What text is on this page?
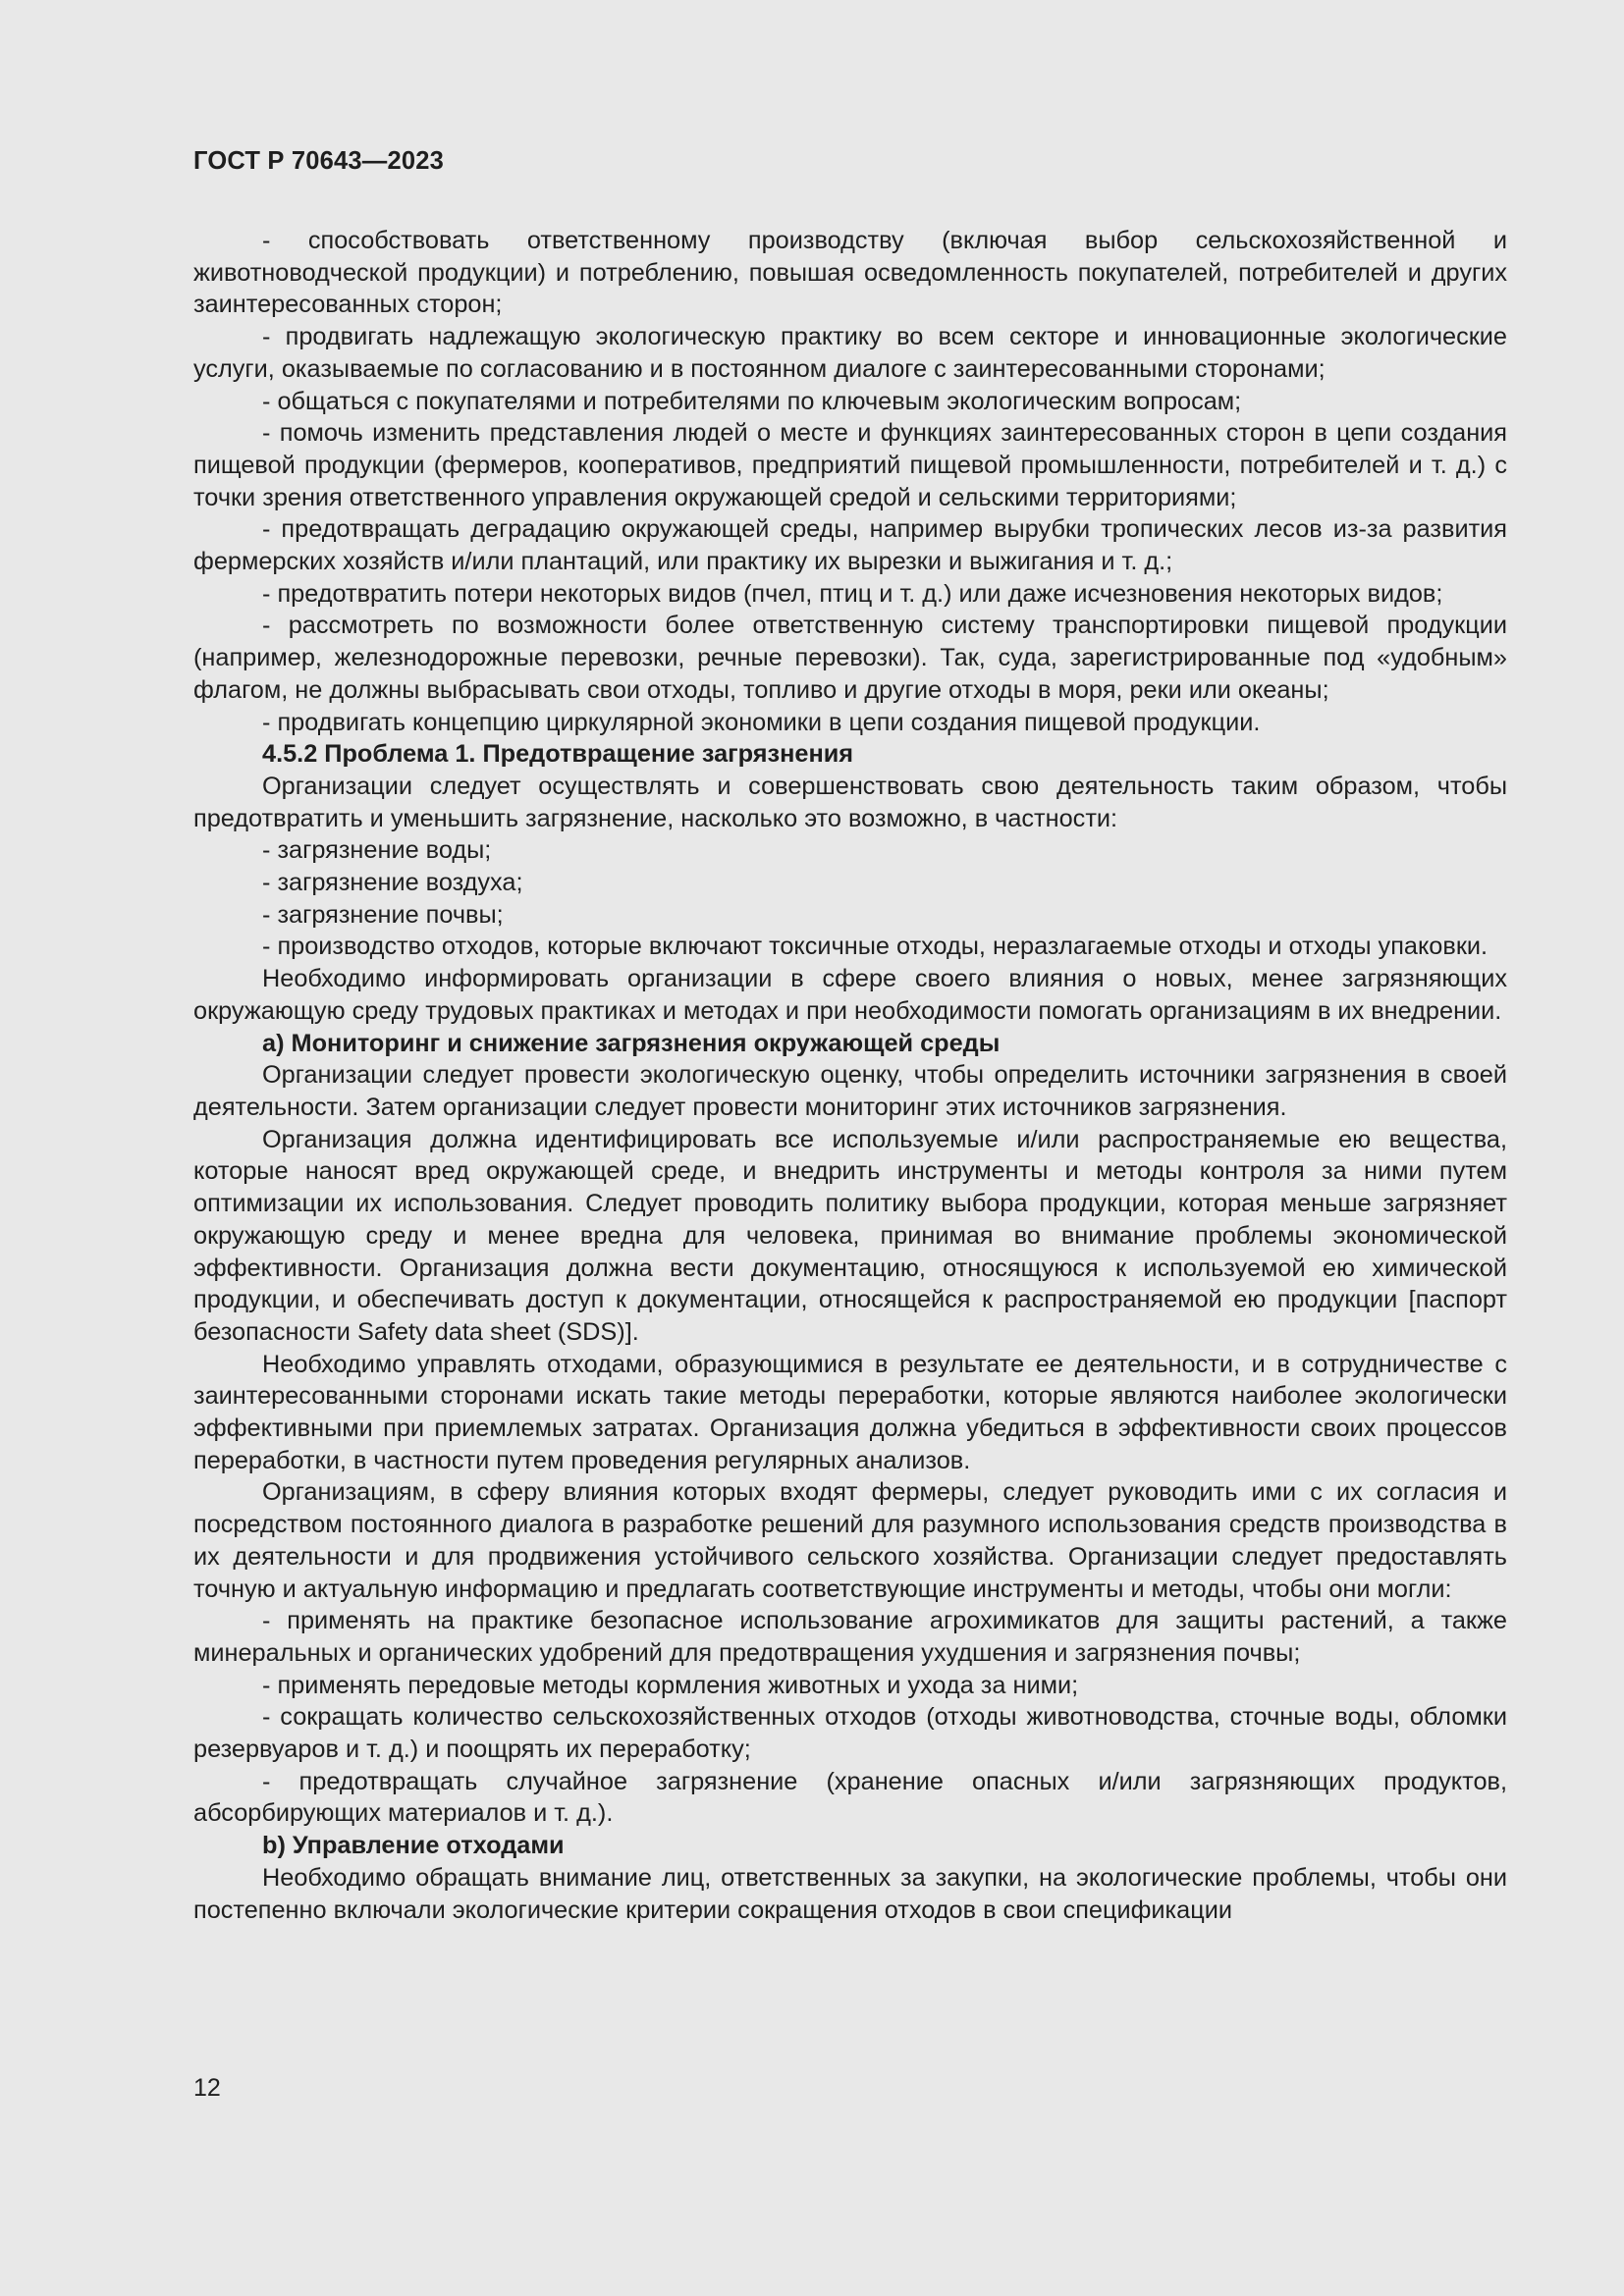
ГОСТ Р 70643—2023

- способствовать ответственному производству (включая выбор сельскохозяйственной и животноводческой продукции) и потреблению, повышая осведомленность покупателей, потребителей и других заинтересованных сторон;

- продвигать надлежащую экологическую практику во всем секторе и инновационные экологические услуги, оказываемые по согласованию и в постоянном диалоге с заинтересованными сторонами;

- общаться с покупателями и потребителями по ключевым экологическим вопросам;

- помочь изменить представления людей о месте и функциях заинтересованных сторон в цепи создания пищевой продукции (фермеров, кооперативов, предприятий пищевой промышленности, потребителей и т. д.) с точки зрения ответственного управления окружающей средой и сельскими территориями;

- предотвращать деградацию окружающей среды, например вырубки тропических лесов из-за развития фермерских хозяйств и/или плантаций, или практику их вырезки и выжигания и т. д.;

- предотвратить потери некоторых видов (пчел, птиц и т. д.) или даже исчезновения некоторых видов;

- рассмотреть по возможности более ответственную систему транспортировки пищевой продукции (например, железнодорожные перевозки, речные перевозки). Так, суда, зарегистрированные под «удобным» флагом, не должны выбрасывать свои отходы, топливо и другие отходы в моря, реки или океаны;

- продвигать концепцию циркулярной экономики в цепи создания пищевой продукции.

4.5.2 Проблема 1. Предотвращение загрязнения

Организации следует осуществлять и совершенствовать свою деятельность таким образом, чтобы предотвратить и уменьшить загрязнение, насколько это возможно, в частности:

- загрязнение воды;

- загрязнение воздуха;

- загрязнение почвы;

- производство отходов, которые включают токсичные отходы, неразлагаемые отходы и отходы упаковки.

Необходимо информировать организации в сфере своего влияния о новых, менее загрязняющих окружающую среду трудовых практиках и методах и при необходимости помогать организациям в их внедрении.

a) Мониторинг и снижение загрязнения окружающей среды

Организации следует провести экологическую оценку, чтобы определить источники загрязнения в своей деятельности. Затем организации следует провести мониторинг этих источников загрязнения.

Организация должна идентифицировать все используемые и/или распространяемые ею вещества, которые наносят вред окружающей среде, и внедрить инструменты и методы контроля за ними путем оптимизации их использования. Следует проводить политику выбора продукции, которая меньше загрязняет окружающую среду и менее вредна для человека, принимая во внимание проблемы экономической эффективности. Организация должна вести документацию, относящуюся к используемой ею химической продукции, и обеспечивать доступ к документации, относящейся к распространяемой ею продукции [паспорт безопасности Safety data sheet (SDS)].

Необходимо управлять отходами, образующимися в результате ее деятельности, и в сотрудничестве с заинтересованными сторонами искать такие методы переработки, которые являются наиболее экологически эффективными при приемлемых затратах. Организация должна убедиться в эффективности своих процессов переработки, в частности путем проведения регулярных анализов.

Организациям, в сферу влияния которых входят фермеры, следует руководить ими с их согласия и посредством постоянного диалога в разработке решений для разумного использования средств производства в их деятельности и для продвижения устойчивого сельского хозяйства. Организации следует предоставлять точную и актуальную информацию и предлагать соответствующие инструменты и методы, чтобы они могли:

- применять на практике безопасное использование агрохимикатов для защиты растений, а также минеральных и органических удобрений для предотвращения ухудшения и загрязнения почвы;

- применять передовые методы кормления животных и ухода за ними;

- сокращать количество сельскохозяйственных отходов (отходы животноводства, сточные воды, обломки резервуаров и т. д.) и поощрять их переработку;

- предотвращать случайное загрязнение (хранение опасных и/или загрязняющих продуктов, абсорбирующих материалов и т. д.).

b) Управление отходами

Необходимо обращать внимание лиц, ответственных за закупки, на экологические проблемы, чтобы они постепенно включали экологические критерии сокращения отходов в свои спецификации

12
